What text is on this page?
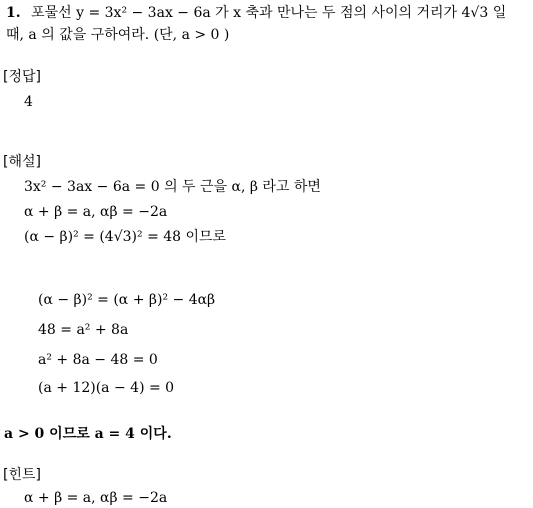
1. 포물선 y = 3x² − 3ax − 6a 가 x 축과 만나는 두 점의 사이의 거리가 4√3 일
때, a 의 값을 구하여라. (단, a > 0 )
[정답]
4
[해설]
3x² − 3ax − 6a = 0 의 두 근을 α, β 라고 하면
α + β = a, αβ = −2a
(α − β)² = (4√3)² = 48 이므로
(α − β)² = (α + β)² − 4αβ
48 = a² + 8a
a² + 8a − 48 = 0
(a + 12)(a − 4) = 0
a > 0 이므로 a = 4 이다.
[힌트]
α + β = a, αβ = −2a
